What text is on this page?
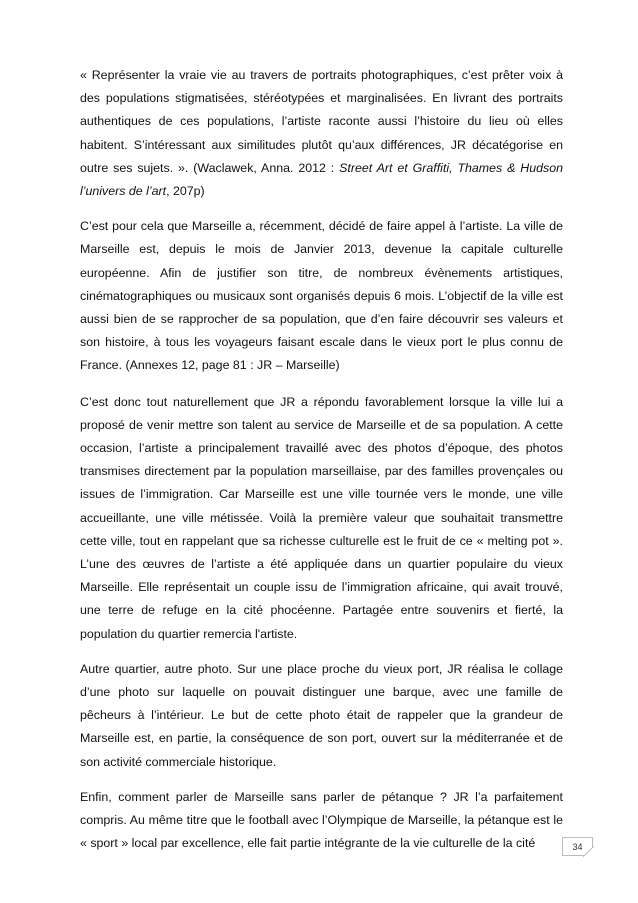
« Représenter la vraie vie au travers de portraits photographiques, c’est prêter voix à des populations stigmatisées, stéréotypées et marginalisées. En livrant des portraits authentiques de ces populations, l’artiste raconte aussi l’histoire du lieu où elles habitent. S’intéressant aux similitudes plutôt qu’aux différences, JR décatégorise en outre ses sujets. ». (Waclawek, Anna. 2012 : Street Art et Graffiti, Thames & Hudson l’univers de l’art, 207p)

C’est pour cela que Marseille a, récemment, décidé de faire appel à l’artiste. La ville de Marseille est, depuis le mois de Janvier 2013, devenue la capitale culturelle européenne. Afin de justifier son titre, de nombreux évènements artistiques, cinématographiques ou musicaux sont organisés depuis 6 mois. L’objectif de la ville est aussi bien de se rapprocher de sa population, que d’en faire découvrir ses valeurs et son histoire, à tous les voyageurs faisant escale dans le vieux port le plus connu de France. (Annexes 12, page 81 : JR – Marseille)

C’est donc tout naturellement que JR a répondu favorablement lorsque la ville lui a proposé de venir mettre son talent au service de Marseille et de sa population. A cette occasion, l’artiste a principalement travaillé avec des photos d’époque, des photos transmises directement par la population marseillaise, par des familles provençales ou issues de l’immigration. Car Marseille est une ville tournée vers le monde, une ville accueillante, une ville métissée. Voilà la première valeur que souhaitait transmettre cette ville, tout en rappelant que sa richesse culturelle est le fruit de ce « melting pot ». L’une des œuvres de l’artiste a été appliquée dans un quartier populaire du vieux Marseille. Elle représentait un couple issu de l’immigration africaine, qui avait trouvé, une terre de refuge en la cité phocéenne. Partagée entre souvenirs et fierté, la population du quartier remercia l'artiste.

Autre quartier, autre photo. Sur une place proche du vieux port, JR réalisa le collage d’une photo sur laquelle on pouvait distinguer une barque, avec une famille de pêcheurs à l’intérieur. Le but de cette photo était de rappeler que la grandeur de Marseille est, en partie, la conséquence de son port, ouvert sur la méditerranée et de son activité commerciale historique.

Enfin, comment parler de Marseille sans parler de pétanque ? JR l’a parfaitement compris. Au même titre que le football avec l’Olympique de Marseille, la pétanque est le « sport » local par excellence, elle fait partie intégrante de la vie culturelle de la cité	34
